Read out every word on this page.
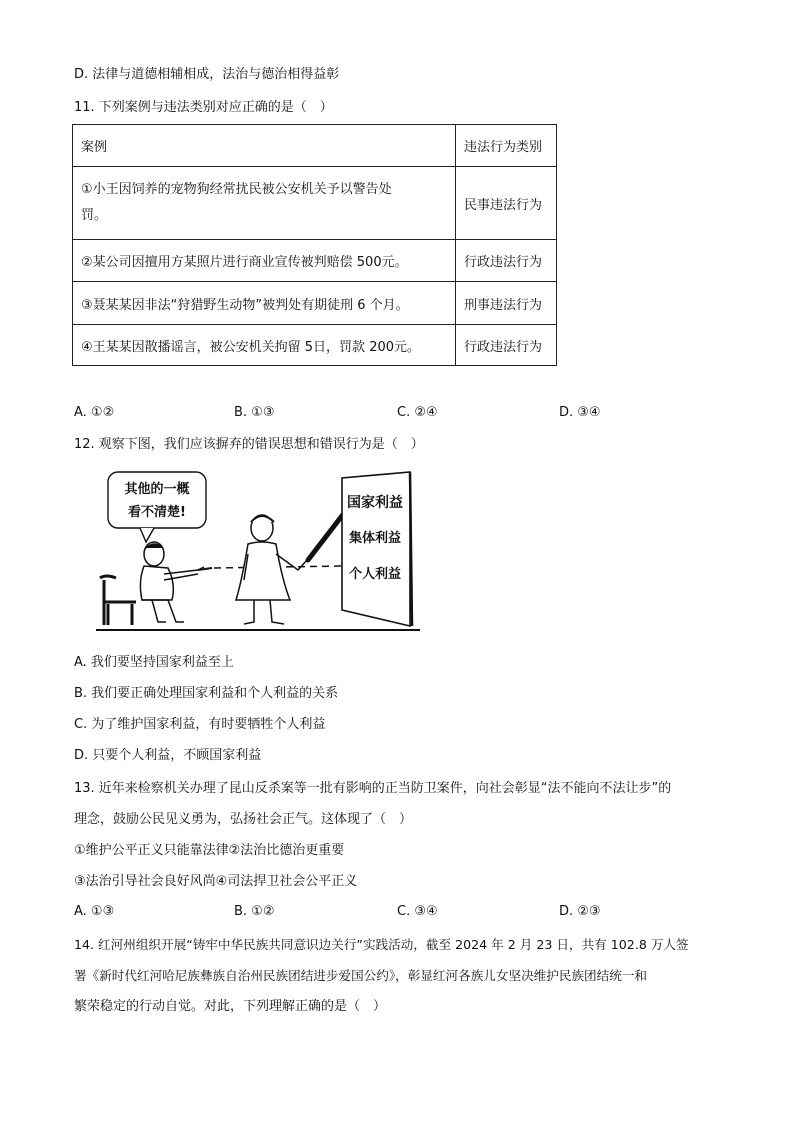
D. 法律与道德相辅相成，法治与德治相得益彰
11. 下列案例与违法类别对应正确的是（　）
案例	违法行为类别

①小王因饲养的宠物狗经常扰民被公安机关予以警告处
罚。	民事违法行为
②某公司因擅用方某照片进行商业宣传被判赔偿 500元。	行政违法行为
③聂某某因非法“狩猎野生动物”被判处有期徒刑 6 个月。	刑事违法行为
④王某某因散播谣言，被公安机关拘留 5日，罚款 200元。	行政违法行为
A. ①②	B. ①③	C. ②④	D. ③④
12. 观察下图，我们应该摒弃的错误思想和错误行为是（　）
其他的一概
看不清楚!
国家利益
集体利益
个人利益
A. 我们要坚持国家利益至上
B. 我们要正确处理国家利益和个人利益的关系
C. 为了维护国家利益，有时要牺牲个人利益
D. 只要个人利益，不顾国家利益
13. 近年来检察机关办理了昆山反杀案等一批有影响的正当防卫案件，向社会彰显“法不能向不法让步”的
理念，鼓励公民见义勇为，弘扬社会正气。这体现了（　）
①维护公平正义只能靠法律②法治比德治更重要
③法治引导社会良好风尚④司法捍卫社会公平正义
A. ①③	B. ①②	C. ③④	D. ②③
14. 红河州组织开展“铸牢中华民族共同意识边关行”实践活动，截至 2024 年 2 月 23 日，共有 102.8 万人签
署《新时代红河哈尼族彝族自治州民族团结进步爱国公约》，彰显红河各族儿女坚决维护民族团结统一和
繁荣稳定的行动自觉。对此，下列理解正确的是（　）
